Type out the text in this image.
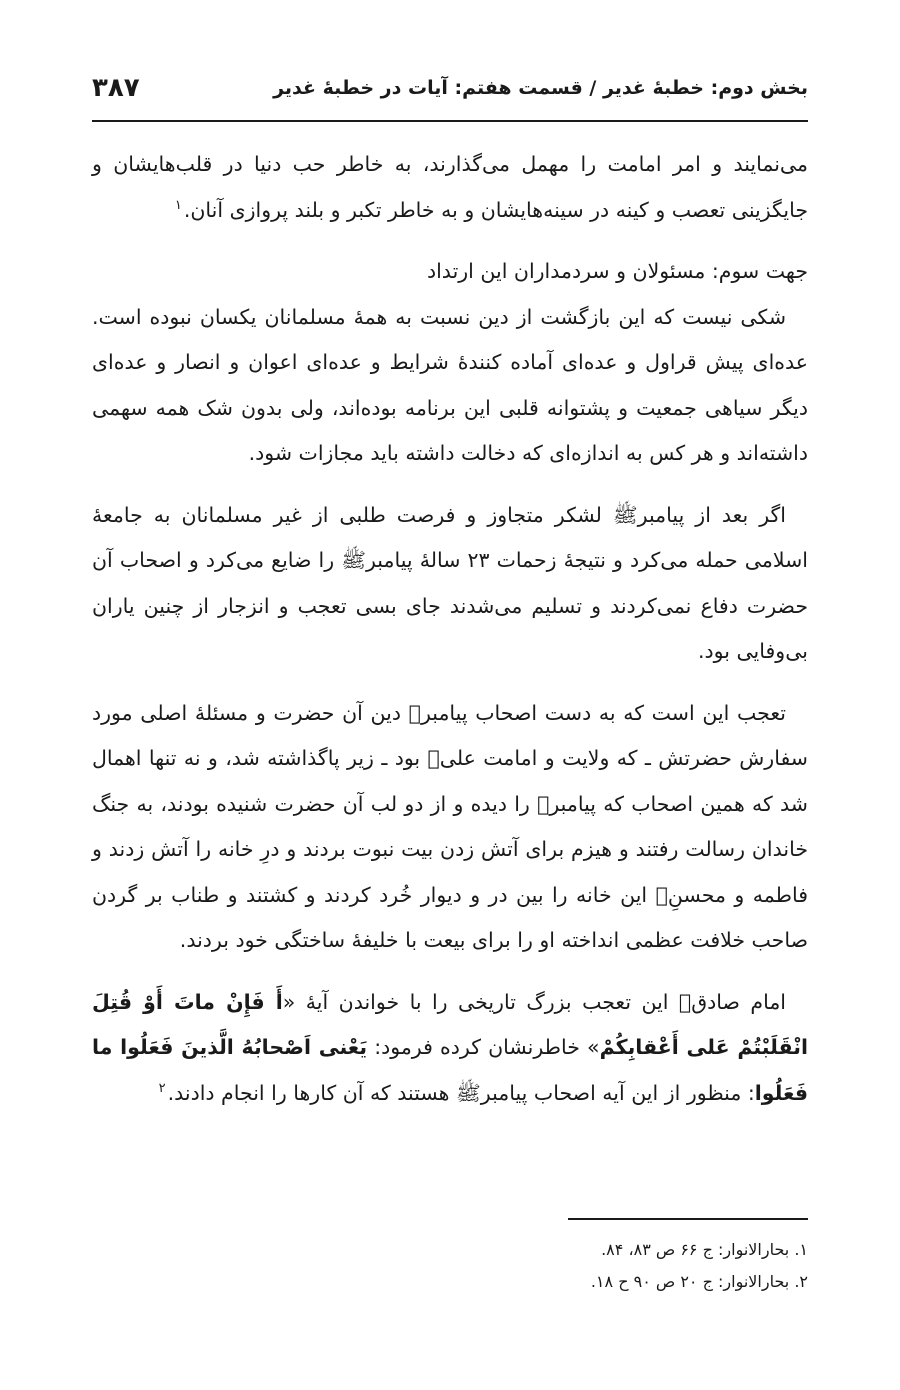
بخش دوم: خطبهٔ غدیر / قسمت هفتم: آیات در خطبهٔ غدیر
۳۸۷

می‌نمایند و امر امامت را مهمل می‌گذارند، به خاطر حب دنیا در قلب‌هایشان و جایگزینی تعصب و کینه در سینه‌هایشان و به خاطر تکبر و بلند پروازی آنان.$^۱$

جهت سوم: مسئولان و سردمداران این ارتداد

شکی نیست که این بازگشت از دین نسبت به همهٔ مسلمانان یکسان نبوده است. عده‌ای پیش قراول و عده‌ای آماده کنندهٔ شرایط و عده‌ای اعوان و انصار و عده‌ای دیگر سیاهی جمعیت و پشتوانه قلبی این برنامه بوده‌اند، ولی بدون شک همه سهمی داشته‌اند و هر کس به اندازه‌ای که دخالت داشته باید مجازات شود.

اگر بعد از پیامبرﷺ لشکر متجاوز و فرصت طلبی از غیر مسلمانان به جامعهٔ اسلامی حمله می‌کرد و نتیجهٔ زحمات ۲۳ سالهٔ پیامبرﷺ را ضایع می‌کرد و اصحاب آن حضرت دفاع نمی‌کردند و تسلیم می‌شدند جای بسی تعجب و انزجار از چنین یاران بی‌وفایی بود.

تعجب این است که به دست اصحاب پیامبرﷺ دین آن حضرت و مسئلهٔ اصلی مورد سفارش حضرتش ـ که ولایت و امامت علیؑ بود ـ زیر پاگذاشته شد، و نه تنها اهمال شد که همین اصحاب که پیامبرﷺ را دیده و از دو لب آن حضرت شنیده بودند، به جنگ خاندان رسالت رفتند و هیزم برای آتش زدن بیت نبوت بردند و درِ خانه را آتش زدند و فاطمه و محسنِؑ این خانه را بین در و دیوار خُرد کردند و کشتند و طناب بر گردن صاحب خلافت عظمی انداخته او را برای بیعت با خلیفهٔ ساختگی خود بردند.

امام صادقؑ این تعجب بزرگ تاریخی را با خواندن آیهٔ «أَ فَإِنْ ماتَ أَوْ قُتِلَ انْقَلَبْتُمْ عَلى أَعْقابِكُمْ» خاطرنشان کرده فرمود: يَعْنی اَصْحابُهُ الَّذينَ فَعَلُوا ما فَعَلُوا: منظور از این آیه اصحاب پیامبرﷺ هستند که آن کارها را انجام دادند.$^۲$

۱. بحارالانوار: ج ۶۶ ص ۸۳، ۸۴.
۲. بحارالانوار: ج ۲۰ ص ۹۰ ح ۱۸.
